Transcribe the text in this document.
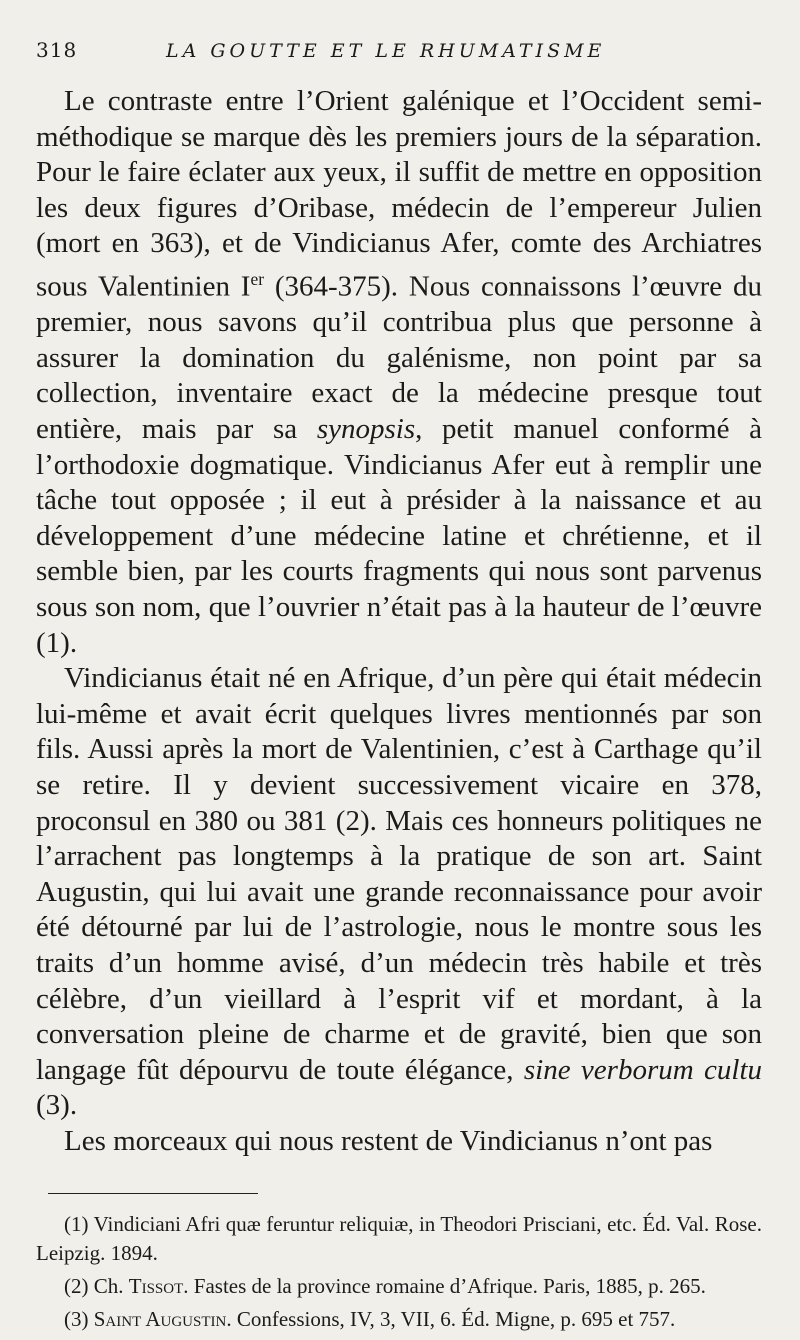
318	LA GOUTTE ET LE RHUMATISME

Le contraste entre l’Orient galénique et l’Occident semi-méthodique se marque dès les premiers jours de la séparation. Pour le faire éclater aux yeux, il suffit de mettre en opposition les deux figures d’Oribase, médecin de l’empereur Julien (mort en 363), et de Vindicianus Afer, comte des Archiatres sous Valentinien Ier (364-375). Nous connaissons l’œuvre du premier, nous savons qu’il contribua plus que personne à assurer la domination du galénisme, non point par sa collection, inventaire exact de la médecine presque tout entière, mais par sa synopsis, petit manuel conformé à l’orthodoxie dogmatique. Vindicianus Afer eut à remplir une tâche tout opposée ; il eut à présider à la naissance et au développement d’une médecine latine et chrétienne, et il semble bien, par les courts fragments qui nous sont parvenus sous son nom, que l’ouvrier n’était pas à la hauteur de l’œuvre (1).

Vindicianus était né en Afrique, d’un père qui était médecin lui-même et avait écrit quelques livres mentionnés par son fils. Aussi après la mort de Valentinien, c’est à Carthage qu’il se retire. Il y devient successivement vicaire en 378, proconsul en 380 ou 381 (2). Mais ces honneurs politiques ne l’arrachent pas longtemps à la pratique de son art. Saint Augustin, qui lui avait une grande reconnaissance pour avoir été détourné par lui de l’astrologie, nous le montre sous les traits d’un homme avisé, d’un médecin très habile et très célèbre, d’un vieillard à l’esprit vif et mordant, à la conversation pleine de charme et de gravité, bien que son langage fût dépourvu de toute élégance, sine verborum cultu (3).

Les morceaux qui nous restent de Vindicianus n’ont pas

(1) Vindiciani Afri quæ feruntur reliquiæ, in Theodori Prisciani, etc. Éd. Val. Rose. Leipzig. 1894.

(2) Ch. Tissot. Fastes de la province romaine d’Afrique. Paris, 1885, p. 265.

(3) Saint Augustin. Confessions, IV, 3, VII, 6. Éd. Migne, p. 695 et 757.
